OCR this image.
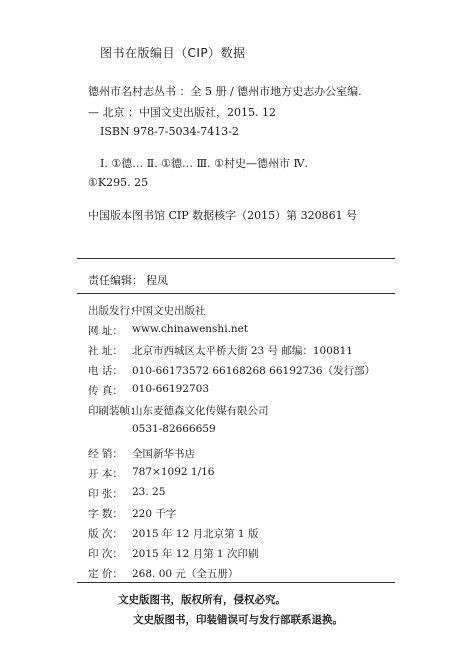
图书在版编目（CIP）数据
德州市名村志丛书 ：全 5 册 / 德州市地方史志办公室编.
— 北京 ：中国文史出版社，2015. 12
ISBN 978-7-5034-7413-2
Ⅰ. ①德… Ⅱ. ①德… Ⅲ. ①村史—德州市 Ⅳ.
①K295. 25
中国版本图书馆 CIP 数据核字（2015）第 320861 号
责任编辑： 程凤
出版发行：
中国文史出版社
网 址： www.chinawenshi.net
社 址： 北京市西城区太平桥大街 23 号 邮编：100811
电 话： 010-66173572 66168268 66192736（发行部）
传 真： 010-66192703
印刷装帧：
山东麦德森文化传媒有限公司
0531-82666659
经 销： 全国新华书店
开 本： 787×1092 1/16
印 张： 23. 25
字 数： 220 千字
版 次： 2015 年 12 月北京第 1 版
印 次： 2015 年 12 月第 1 次印刷
定 价： 268. 00 元（全五册）
文史版图书，版权所有，侵权必究。
文史版图书，印装错误可与发行部联系退换。
